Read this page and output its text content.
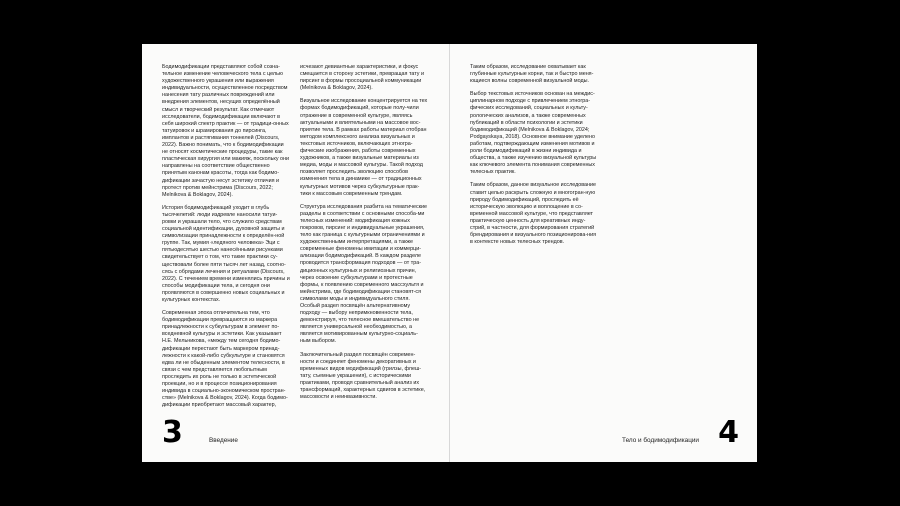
Бодимодификации представляют собой созна-тельное изменение человеческого тела с целью художественного украшения или выражения индивидуальности, осуществленное посредством нанесения тату различных повреждений или внедрения элементов, несущих определённый смысл и творческий результат. Как отмечают исследователи, бодимодификации включают в себя широкий спектр практик — от традици-онных татуировок и шрамирования до пирсинга, имплантов и растягивания тоннелей (Discours, 2022). Важно понимать, что к бодимодификации не относят косметические процедуры, такие как пластическая хирургия или макияж, поскольку они направлены на соответствие общественно принятым канонам красоты, тогда как бодимо-дификации зачастую несут эстетику отличия и протест против мейнстрима (Discours, 2022; Melnikova & Boklagov, 2024).

История бодимодификаций уходит в глубь тысячелетий: люди издревле наносили татуи-ровки и украшали тело, что служило средствам социальной идентификации, духовной защиты и символизации принадлежности к определён-ной группе. Так, мумия «ледяного человека» Эци с пятьюдесятью шестью нанесёнными рисунками свидетельствует о том, что такие практики су-ществовали более пяти тысяч лет назад, соотно-сясь с обрядами лечения и ритуалами (Discours, 2022). С течением времени изменялись причины и способы модификации тела, и сегодня они проявляются в совершенно новых социальных и культурных контекстах.

Современная эпоха отличительна тем, что бодимодификации превращаются из маркера принадлежности к субкультурам в элемент по-вседневной культуры и эстетики. Как указывает Н.Е. Мельникова, «между тем сегодня бодимо-дификации перестают быть маркером принад-лежности к какой-либо субкультуре и становятся едва ли не обыденным элементом телесности, в связи с чем представляется любопытным проследить их роль не только в эстетической проекции, но и в процессе позиционирования индивида в социально-экономическом простран-стве» (Melnikova & Boklagov, 2024). Когда бодимо-дификации приобретают массовый характер,

исчезают девиантные характеристики, и фокус смещается в сторону эстетики, превращая тату и пирсинг в формы просоциальной коммуникации (Melnikova & Boklagov, 2024).

Визуальное исследование концентрируется на тех формах бодимодификаций, которые полу-чили отражение в современной культуре, являясь актуальными и влиятельными на массовое вос-приятие тела. В рамках работы материал отобран методом комплексного анализа визуальных и текстовых источников, включающих этногра-фические изображения, работы современных художников, а также визуальные материалы из медиа, моды и массовой культуры. Такой подход позволяет проследить эволюцию способов изменения тела в динамике — от традиционных культурных мотивов через субкультурные прак-тики к массовым современным трендам.

Структура исследования разбита на тематические разделы в соответствии с основными способа-ми телесных изменений: модификация кожных покровов, пирсинг и индивидуальные украшения, тело как граница с культурными ограничениями и художественными интерпретациями, а также современные феномены имитации и коммерци-ализации бодимодификаций. В каждом разделе проводится трансформация подходов — от тра-диционных культурных и религиозных причин, через освоение субкультурами и протестные формы, к появлению современного массхультя и мейнстрима, где бодимодификации становят-ся символами моды и индивидуального стиля. Особый раздел посвящён альтернативному подходу — выбору непримкновенности тела, демонстрируя, что телесное вмешательство не является универсальной необходимостью, а является мотивированным культурно-социаль-ным выбором.

Заключительный раздел посвящён современ-ности и соединяет феномены декоративных и временных видов модификаций (грилзы, флеш-тату, съемные украшения), с историческими практиками, проводя сравнительный анализ их трансформаций, характерных сдвигов в эстетике, массовости и неинвазивности.

3	Введение

Таким образом, исследование охватывает как глубинные культурные корни, так и быстро меня-ющиеся волны современной визуальной моды.

Выбор текстовых источников основан на междис-циплинарном подходе с привлечением этногра-фических исследований, социальных и культу-рологических анализов, а также современных публикаций в области психологии и эстетики бодимодификаций (Melnikova & Boklagov, 2024; Podgayskaya, 2018). Основное внимание уделено работам, подтверждающим изменения мотивов и роли бодимодификаций в жизни индивида и общества, а также изучению визуальной культуры как ключевого элемента понимания современных телесных практик.

Таким образом, данное визуальное исследование ставит целью раскрыть сложную и многогран-ную природу бодимодификаций, проследить её историческую эволюцию и воплощение в со-временной массовой культуре, что представляет практическую ценность для креативных инду-стрий, в частности, для формирования стратегий брендирования и визуального позиционирова-ния в контексте новых телесных трендов.

Тело и бодимодификации 4
